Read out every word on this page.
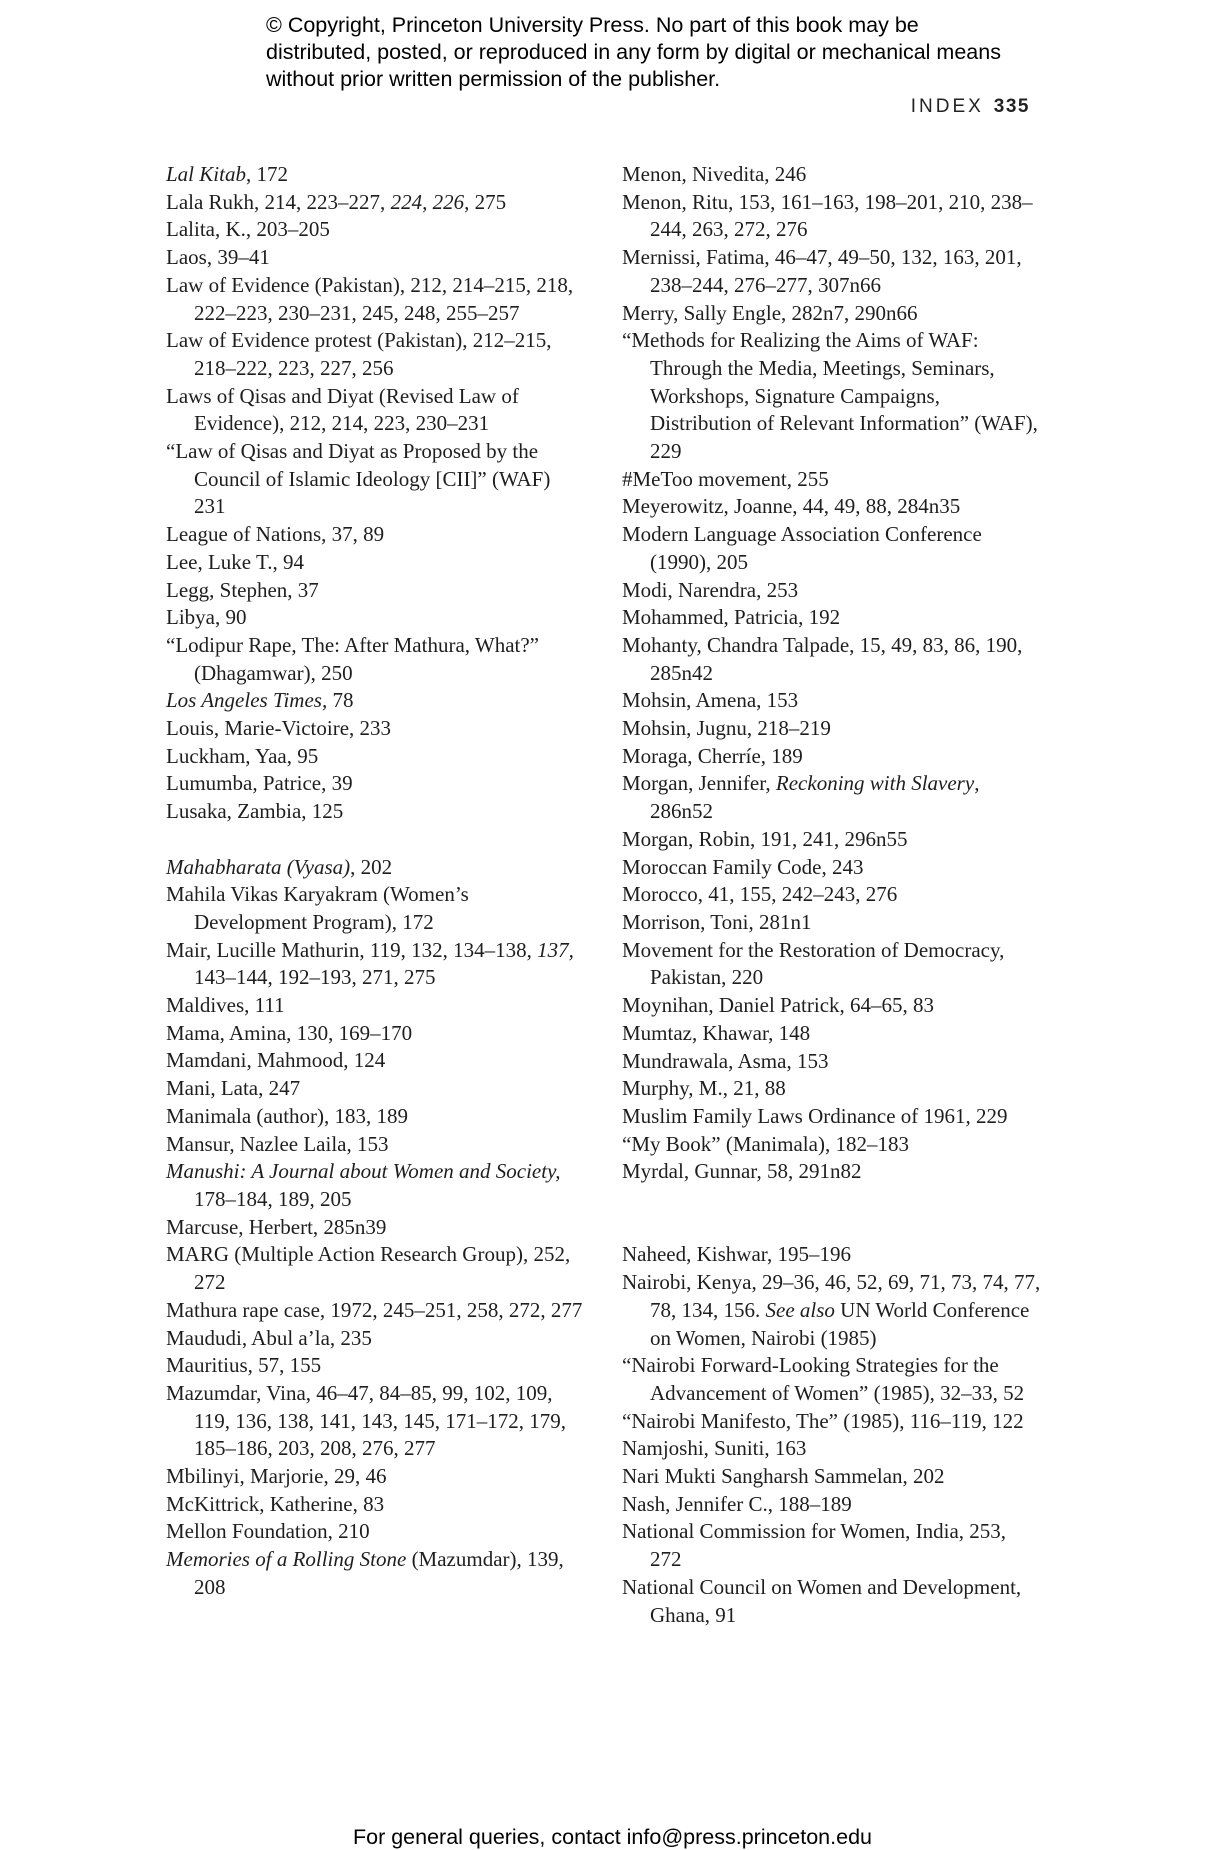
© Copyright, Princeton University Press. No part of this book may be distributed, posted, or reproduced in any form by digital or mechanical means without prior written permission of the publisher.
INDEX 335
Lal Kitab, 172
Lala Rukh, 214, 223–227, 224, 226, 275
Lalita, K., 203–205
Laos, 39–41
Law of Evidence (Pakistan), 212, 214–215, 218, 222–223, 230–231, 245, 248, 255–257
Law of Evidence protest (Pakistan), 212–215, 218–222, 223, 227, 256
Laws of Qisas and Diyat (Revised Law of Evidence), 212, 214, 223, 230–231
“Law of Qisas and Diyat as Proposed by the Council of Islamic Ideology [CII]” (WAF) 231
League of Nations, 37, 89
Lee, Luke T., 94
Legg, Stephen, 37
Libya, 90
“Lodipur Rape, The: After Mathura, What?” (Dhagamwar), 250
Los Angeles Times, 78
Louis, Marie-Victoire, 233
Luckham, Yaa, 95
Lumumba, Patrice, 39
Lusaka, Zambia, 125
Mahabharata (Vyasa), 202
Mahila Vikas Karyakram (Women’s Development Program), 172
Mair, Lucille Mathurin, 119, 132, 134–138, 137, 143–144, 192–193, 271, 275
Maldives, 111
Mama, Amina, 130, 169–170
Mamdani, Mahmood, 124
Mani, Lata, 247
Manimala (author), 183, 189
Mansur, Nazlee Laila, 153
Manushi: A Journal about Women and Society, 178–184, 189, 205
Marcuse, Herbert, 285n39
MARG (Multiple Action Research Group), 252, 272
Mathura rape case, 1972, 245–251, 258, 272, 277
Maududi, Abul a’la, 235
Mauritius, 57, 155
Mazumdar, Vina, 46–47, 84–85, 99, 102, 109, 119, 136, 138, 141, 143, 145, 171–172, 179, 185–186, 203, 208, 276, 277
Mbilinyi, Marjorie, 29, 46
McKittrick, Katherine, 83
Mellon Foundation, 210
Memories of a Rolling Stone (Mazumdar), 139, 208
Menon, Nivedita, 246
Menon, Ritu, 153, 161–163, 198–201, 210, 238–244, 263, 272, 276
Mernissi, Fatima, 46–47, 49–50, 132, 163, 201, 238–244, 276–277, 307n66
Merry, Sally Engle, 282n7, 290n66
“Methods for Realizing the Aims of WAF: Through the Media, Meetings, Seminars, Workshops, Signature Campaigns, Distribution of Relevant Information” (WAF), 229
#MeToo movement, 255
Meyerowitz, Joanne, 44, 49, 88, 284n35
Modern Language Association Conference (1990), 205
Modi, Narendra, 253
Mohammed, Patricia, 192
Mohanty, Chandra Talpade, 15, 49, 83, 86, 190, 285n42
Mohsin, Amena, 153
Mohsin, Jugnu, 218–219
Moraga, Cherríe, 189
Morgan, Jennifer, Reckoning with Slavery, 286n52
Morgan, Robin, 191, 241, 296n55
Moroccan Family Code, 243
Morocco, 41, 155, 242–243, 276
Morrison, Toni, 281n1
Movement for the Restoration of Democracy, Pakistan, 220
Moynihan, Daniel Patrick, 64–65, 83
Mumtaz, Khawar, 148
Mundrawala, Asma, 153
Murphy, M., 21, 88
Muslim Family Laws Ordinance of 1961, 229
“My Book” (Manimala), 182–183
Myrdal, Gunnar, 58, 291n82
Naheed, Kishwar, 195–196
Nairobi, Kenya, 29–36, 46, 52, 69, 71, 73, 74, 77, 78, 134, 156. See also UN World Conference on Women, Nairobi (1985)
“Nairobi Forward-Looking Strategies for the Advancement of Women” (1985), 32–33, 52
“Nairobi Manifesto, The” (1985), 116–119, 122
Namjoshi, Suniti, 163
Nari Mukti Sangharsh Sammelan, 202
Nash, Jennifer C., 188–189
National Commission for Women, India, 253, 272
National Council on Women and Development, Ghana, 91
For general queries, contact info@press.princeton.edu
